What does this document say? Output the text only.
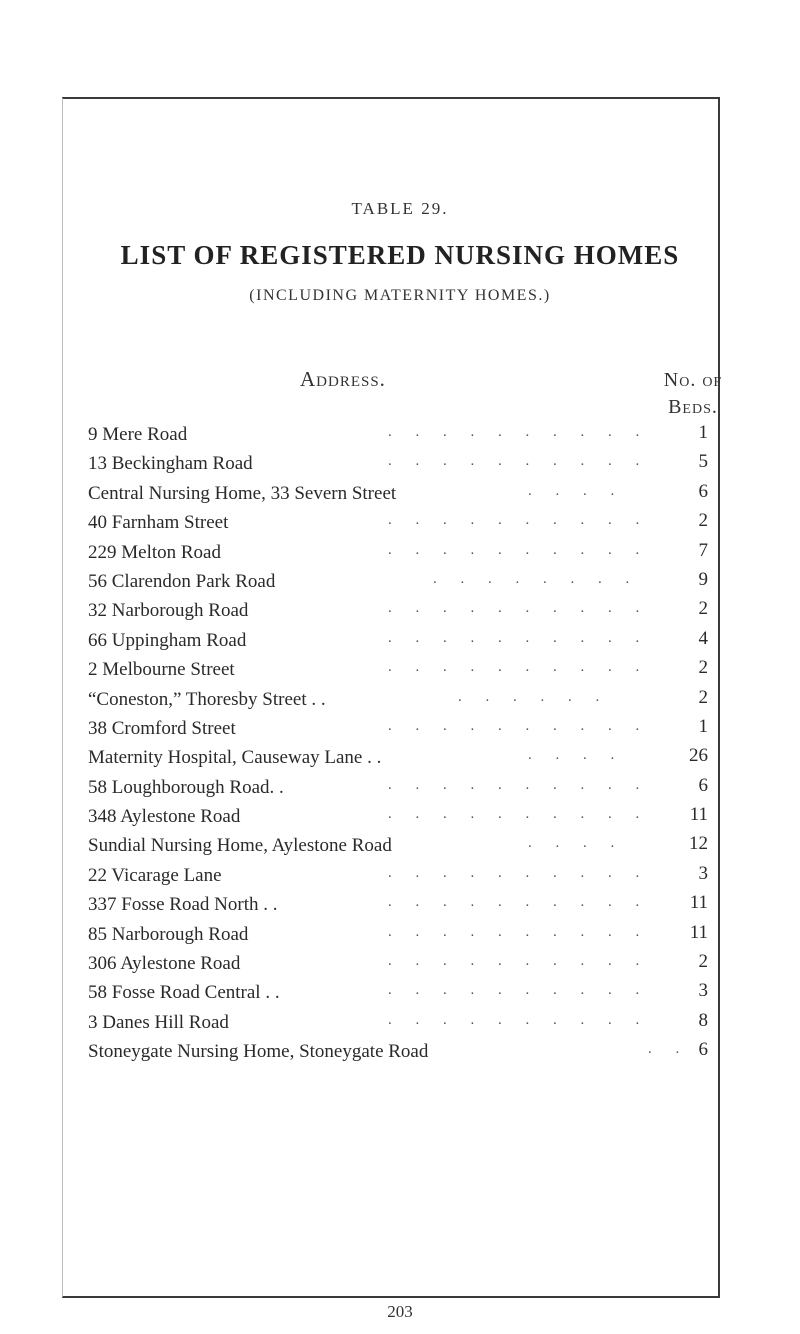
TABLE 29.
LIST OF REGISTERED NURSING HOMES
(INCLUDING MATERNITY HOMES.)
Address.	No. of
Beds.
9 Mere Road	. . . . . . . . . .	1
13 Beckingham Road	. . . . . . . . . .	5
Central Nursing Home, 33 Severn Street	. . . .	6
40 Farnham Street	. . . . . . . . . .	2
229 Melton Road	. . . . . . . . . .	7
56 Clarendon Park Road	. . . . . . . .	9
32 Narborough Road	. . . . . . . . . .	2
66 Uppingham Road	. . . . . . . . . .	4
2 Melbourne Street	. . . . . . . . . .	2
“Coneston,” Thoresby Street . .	. . . . . .	2
38 Cromford Street	. . . . . . . . . .	1
Maternity Hospital, Causeway Lane . .	. . . .	26
58 Loughborough Road. .	. . . . . . . . . .	6
348 Aylestone Road	. . . . . . . . . .	11
Sundial Nursing Home, Aylestone Road	. . . .	12
22 Vicarage Lane	. . . . . . . . . .	3
337 Fosse Road North . .	. . . . . . . . . .	11
85 Narborough Road	. . . . . . . . . .	11
306 Aylestone Road	. . . . . . . . . .	2
58 Fosse Road Central . .	. . . . . . . . . .	3
3 Danes Hill Road	. . . . . . . . . .	8
Stoneygate Nursing Home, Stoneygate Road	. . 6
203
